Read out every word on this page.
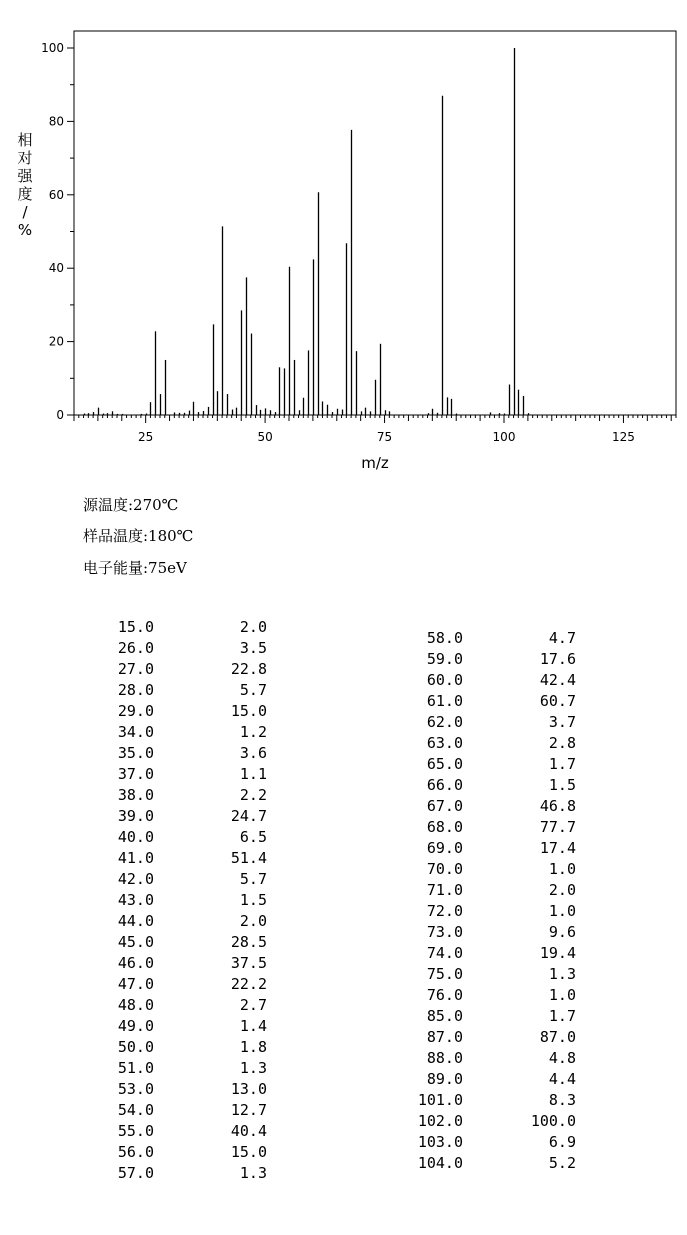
0
20
40
60
80
100
25	50	75	100	125
m/z
相
对
强
度
/
%
源温度:270℃
样品温度:180℃
电子能量:75eV
15.0	2.0
26.0	3.5
27.0	22.8
28.0	5.7
29.0	15.0
34.0	1.2
35.0	3.6
37.0	1.1
38.0	2.2
39.0	24.7
40.0	6.5
41.0	51.4
42.0	5.7
43.0	1.5
44.0	2.0
45.0	28.5
46.0	37.5
47.0	22.2
48.0	2.7
49.0	1.4
50.0	1.8
51.0	1.3
53.0	13.0
54.0	12.7
55.0	40.4
56.0	15.0
57.0	1.3
58.0	4.7
59.0	17.6
60.0	42.4
61.0	60.7
62.0	3.7
63.0	2.8
65.0	1.7
66.0	1.5
67.0	46.8
68.0	77.7
69.0	17.4
70.0	1.0
71.0	2.0
72.0	1.0
73.0	9.6
74.0	19.4
75.0	1.3
76.0	1.0
85.0	1.7
87.0	87.0
88.0	4.8
89.0	4.4
101.0	8.3
102.0	100.0
103.0	6.9
104.0	5.2
